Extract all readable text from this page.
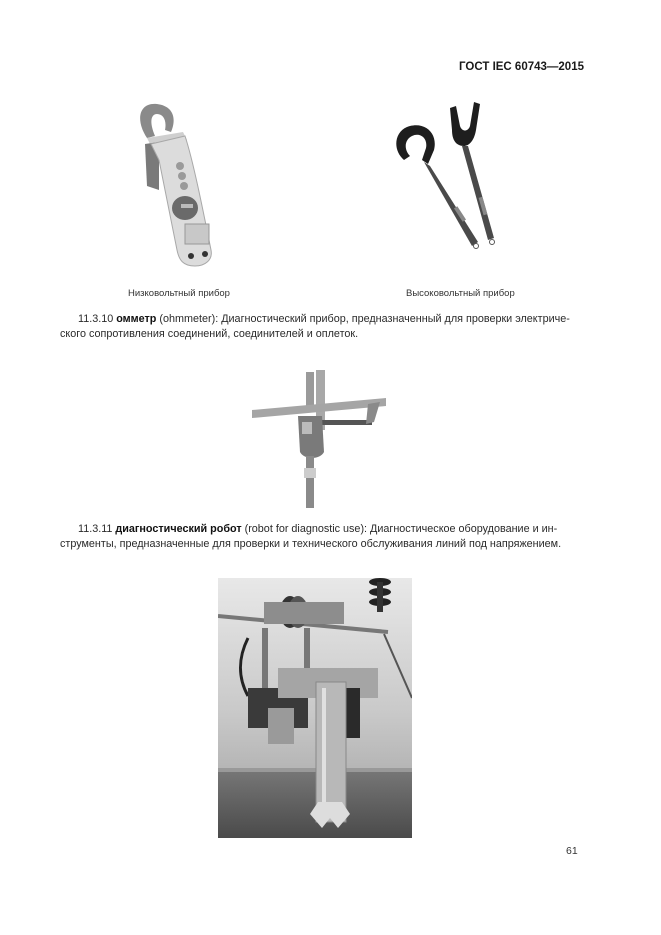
ГОСТ IEC 60743—2015
Низковольтный прибор	Высоковольтный прибор
11.3.10 омметр (ohmmeter): Диагностический прибор, предназначенный для проверки электриче-
ского сопротивления соединений, соединителей и оплеток.
11.3.11 диагностический робот (robot for diagnostic use): Диагностическое оборудование и ин-
струменты, предназначенные для проверки и технического обслуживания линий под напряжением.
61
